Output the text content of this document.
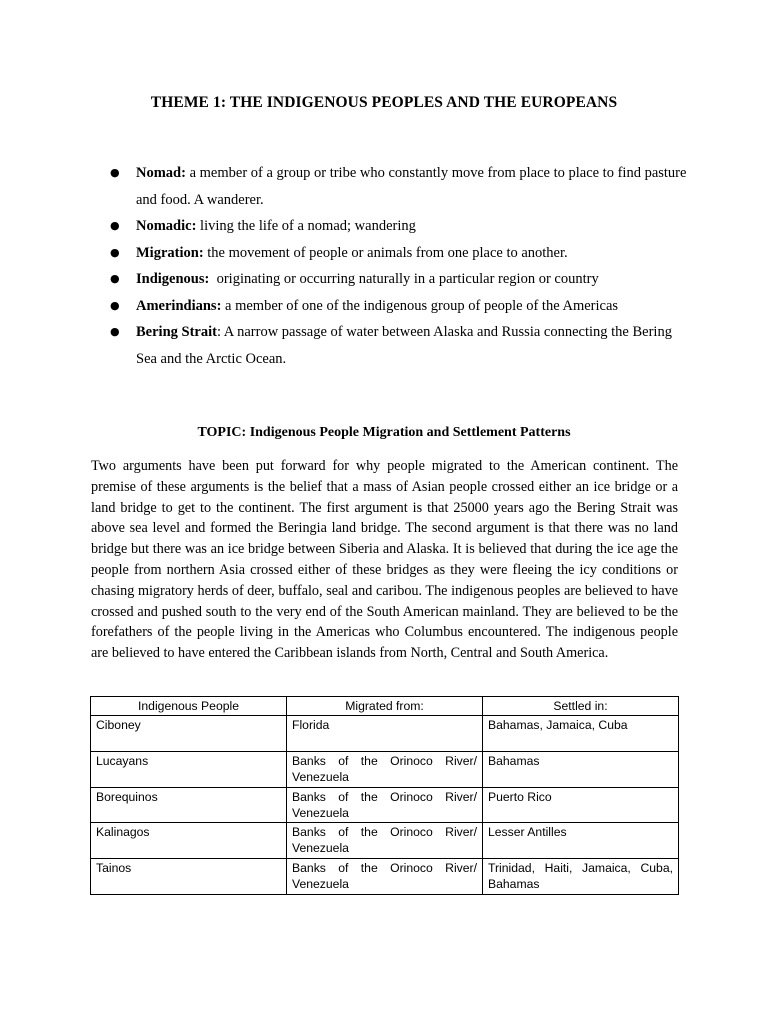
THEME 1: THE INDIGENOUS PEOPLES AND THE EUROPEANS
● Nomad: a member of a group or tribe who constantly move from place to place to find pasture and food. A wanderer.
● Nomadic: living the life of a nomad; wandering
● Migration: the movement of people or animals from one place to another.
● Indigenous:  originating or occurring naturally in a particular region or country
● Amerindians: a member of one of the indigenous group of people of the Americas
● Bering Strait: A narrow passage of water between Alaska and Russia connecting the Bering Sea and the Arctic Ocean.
TOPIC: Indigenous People Migration and Settlement Patterns

Two arguments have been put forward for why people migrated to the American continent. The premise of these arguments is the belief that a mass of Asian people crossed either an ice bridge or a land bridge to get to the continent. The first argument is that 25000 years ago the Bering Strait was above sea level and formed the Beringia land bridge. The second argument is that there was no land bridge but there was an ice bridge between Siberia and Alaska. It is believed that during the ice age the people from northern Asia crossed either of these bridges as they were fleeing the icy conditions or chasing migratory herds of deer, buffalo, seal and caribou. The indigenous peoples are believed to have crossed and pushed south to the very end of the South American mainland. They are believed to be the forefathers of the people living in the Americas who Columbus encountered. The indigenous people are believed to have entered the Caribbean islands from North, Central and South America.

Indigenous People	Migrated from:	Settled in:
Ciboney	Florida	Bahamas, Jamaica, Cuba
Lucayans	Banks of the Orinoco River/ Venezuela	Bahamas
Borequinos	Banks of the Orinoco River/ Venezuela	Puerto Rico
Kalinagos	Banks of the Orinoco River/ Venezuela	Lesser Antilles
Tainos	Banks of the Orinoco River/ Venezuela	Trinidad, Haiti, Jamaica, Cuba, Bahamas
